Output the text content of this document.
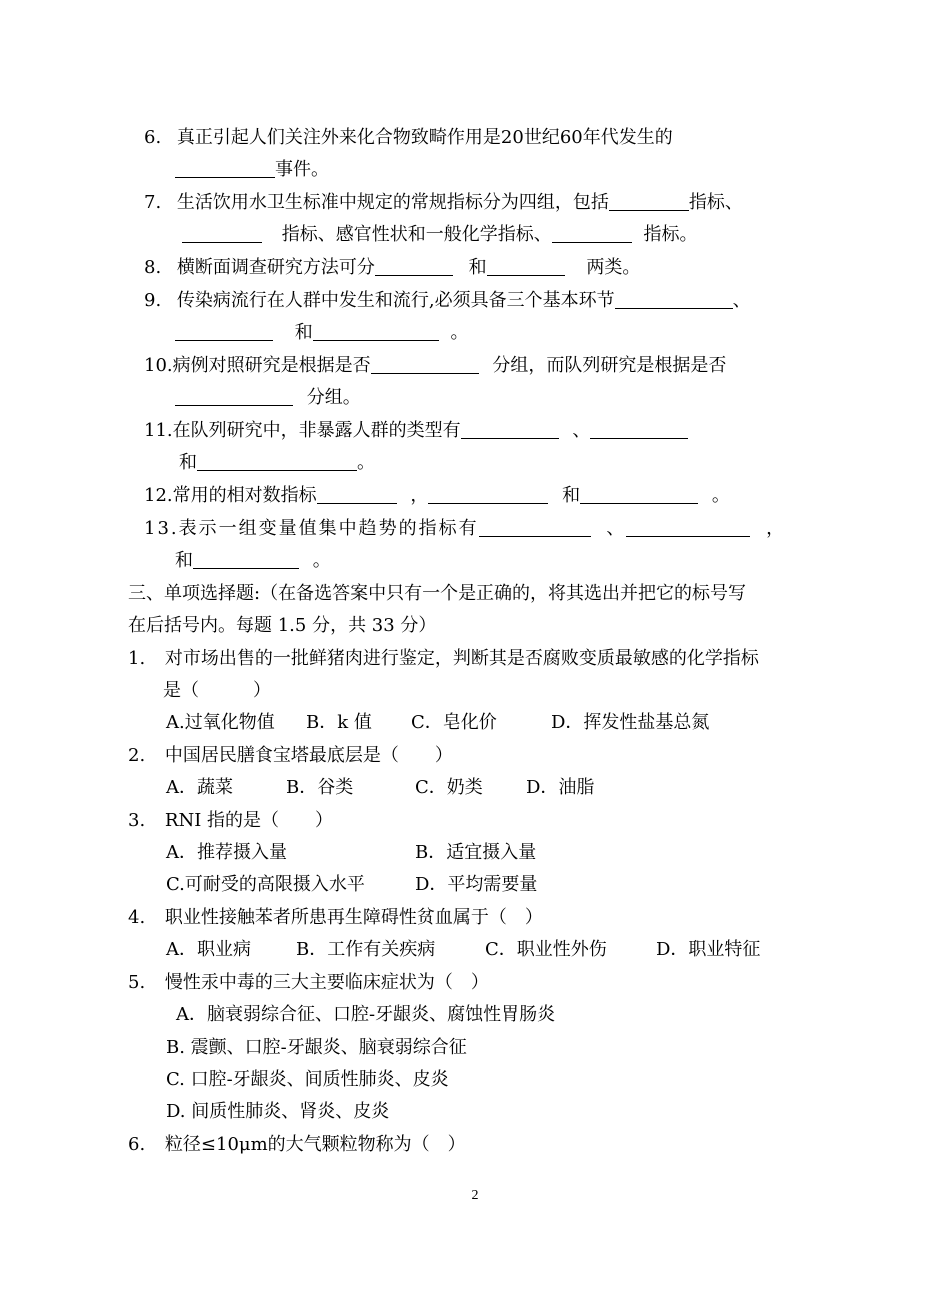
6. 真正引起人们关注外来化合物致畸作用是20世纪60年代发生的
事件。
7. 生活饮用水卫生标准中规定的常规指标分为四组，包括	指标、
指标、感官性状和一般化学指标、	指标。
8. 横断面调查研究方法可分	和	两类。
9. 传染病流行在人群中发生和流行,必须具备三个基本环节	、
和	。
10.病例对照研究是根据是否	分组，而队列研究是根据是否
分组。
11.在队列研究中，非暴露人群的类型有	、
和	。
12.常用的相对数指标	，	和	。
13.表示一组变量值集中趋势的指标有	、	，
和	。
三、单项选择题:（在备选答案中只有一个是正确的，将其选出并把它的标号写
在后括号内。每题 1.5 分，共 33 分）
1. 对市场出售的一批鲜猪肉进行鉴定，判断其是否腐败变质最敏感的化学指标
是（　　　）
A.过氧化物值 B．k 值 C．皂化价	D．挥发性盐基总氮
2. 中国居民膳食宝塔最底层是（　　）
A．蔬菜	B．谷类	C．奶类 D．油脂
3. RNI 指的是（　　）
A．推荐摄入量	B．适宜摄入量
C.可耐受的高限摄入水平	D．平均需要量
4. 职业性接触苯者所患再生障碍性贫血属于（　）
A．职业病	B．工作有关疾病	C．职业性外伤	D．职业特征
5. 慢性汞中毒的三大主要临床症状为（　）
A．脑衰弱综合征、口腔-牙龈炎、腐蚀性胃肠炎
B. 震颤、口腔-牙龈炎、脑衰弱综合征
C. 口腔-牙龈炎、间质性肺炎、皮炎
D. 间质性肺炎、肾炎、皮炎
6. 粒径≤10μm的大气颗粒物称为（　）
2
